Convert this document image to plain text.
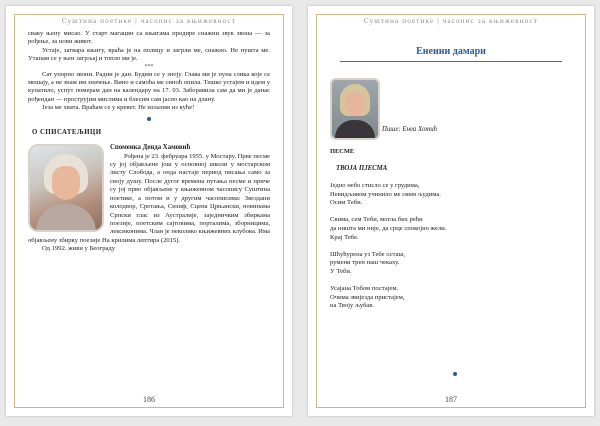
Суштина поетике | часопис за књижевност

сваку њену мисао. У старт магацин са књигама продире снажни звук звона — за рођење, за нови живот.

Устаје, затвара књигу, враћа је на полицу и загрли ме, снажно. Не пушта ме. Утапам се у њен загрљај и топло ми је.

***

Сат упорно звони. Радни је дан. Будим се у знојy. Глава ми је пуна слика које се мешају, а не знам им значење. Вино и самоћа ме синоћ опила. Тешко устајем и идем у купатило, успут померам дан на календару на 17. 03. Заборавила сам да ми је данас рођендан — прострујим мислима и блеснм сам јасно као на длану.

Језа ме хвата. Враћам се у кревет. Не излазим из куће!

О СПИСАТЕЉИЦИ
Споменка Денда Хамовић

Рођена је 23. фебруара 1955. у Мостару. Прве песме су јој објављене још у основној школи у мостарском листу Слобода, а онда настаје период писања само за своју душу. После дугог времена путања песме и приче су јој прво објављене у књижевном часопису Суштина поетике, а потом и у другим часописима: Звездани колодвор, Сретања, Сизиф, Сцена Црњански, новинама Српски глас из Аустралије, заједничким збиркама поезије, поетским сајтовима, порталима, зборницима, лексиконима. Члан је неколико књижевних клубова. Има објављену збирку поезије На крилима лептира (2015).

Од 1992. живи у Београду

186
Суштина поетике | часопис за књижевност
Енеини дамари
Пише: Енеа Хотић
ПЕСМЕ
ТВОЈА ПЈЕСМА
Једно небо стисло се у грудима,
Невидљивом учинило ме свим људима.
Осим Теби.
Свима, сем Теби, могла бих рећи
да ништа ми није, да срце спокојно жели.
Крај Тебе.
Шћућурена уз Тебе осташ,
румени трен наш чекаху.
У Теби.
Усајана Тобом постајем.
Очима звијезда пристајем,
на Твоју љубав.
187
